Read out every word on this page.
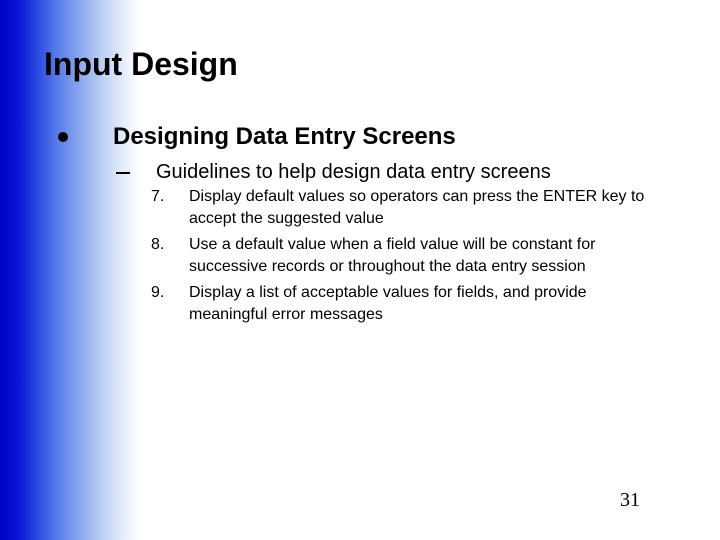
Input Design
Designing Data Entry Screens
Guidelines to help design data entry screens
7.	Display default values so operators can press the ENTER key to accept the suggested value
8.	Use a default value when a field value will be constant for successive records or throughout the data entry session
9.	Display a list of acceptable values for fields, and provide meaningful error messages
31
